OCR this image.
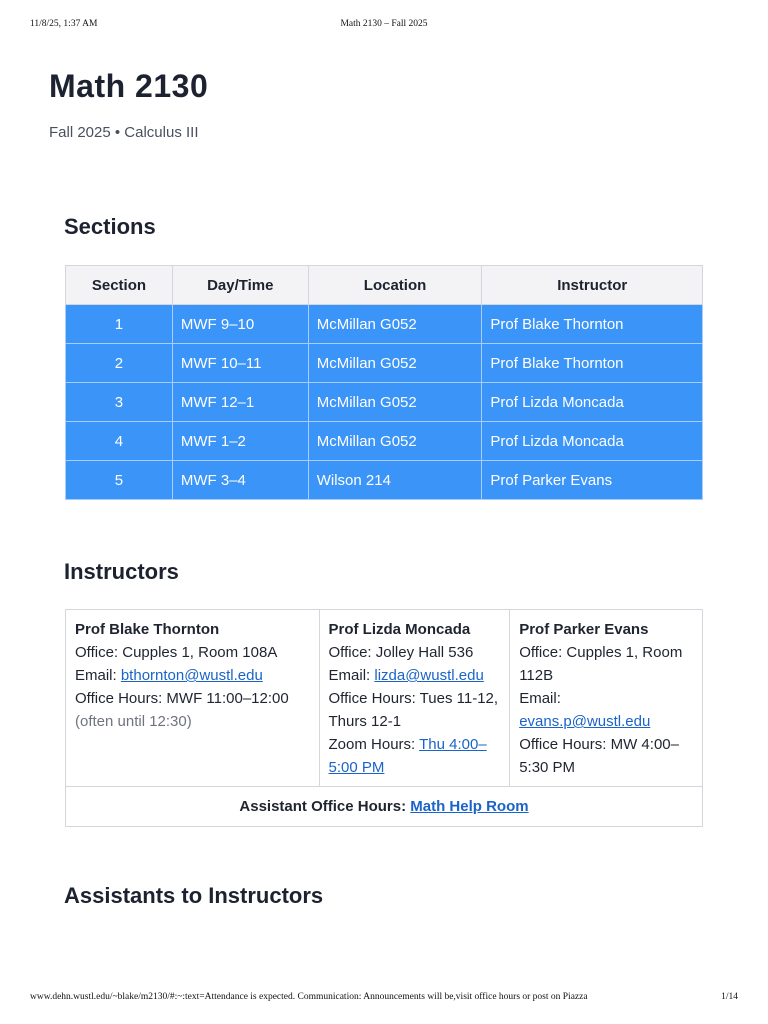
11/8/25, 1:37 AM	Math 2130 – Fall 2025
Math 2130

Fall 2025 • Calculus III

Sections
Section	Day/Time	Location	Instructor
1	MWF 9–10	McMillan G052	Prof Blake Thornton
2	MWF 10–11	McMillan G052	Prof Blake Thornton
3	MWF 12–1	McMillan G052	Prof Lizda Moncada
4	MWF 1–2	McMillan G052	Prof Lizda Moncada
5	MWF 3–4	Wilson 214	Prof Parker Evans
Instructors
Prof Blake Thornton
Office: Cupples 1, Room 108A
Email: bthornton@wustl.edu
Office Hours: MWF 11:00–12:00
(often until 12:30)

Prof Lizda Moncada
Office: Jolley Hall 536
Email: lizda@wustl.edu
Office Hours: Tues 11-12, Thurs 12-1
Zoom Hours: Thu 4:00–5:00 PM

Prof Parker Evans
Office: Cupples 1, Room 112B
Email:
evans.p@wustl.edu
Office Hours: MW 4:00–5:30 PM

Assistant Office Hours: Math Help Room
Assistants to Instructors
www.dehn.wustl.edu/~blake/m2130/#:~:text=Attendance is expected. Communication: Announcements will be,visit office hours or post on Piazza	1/14
